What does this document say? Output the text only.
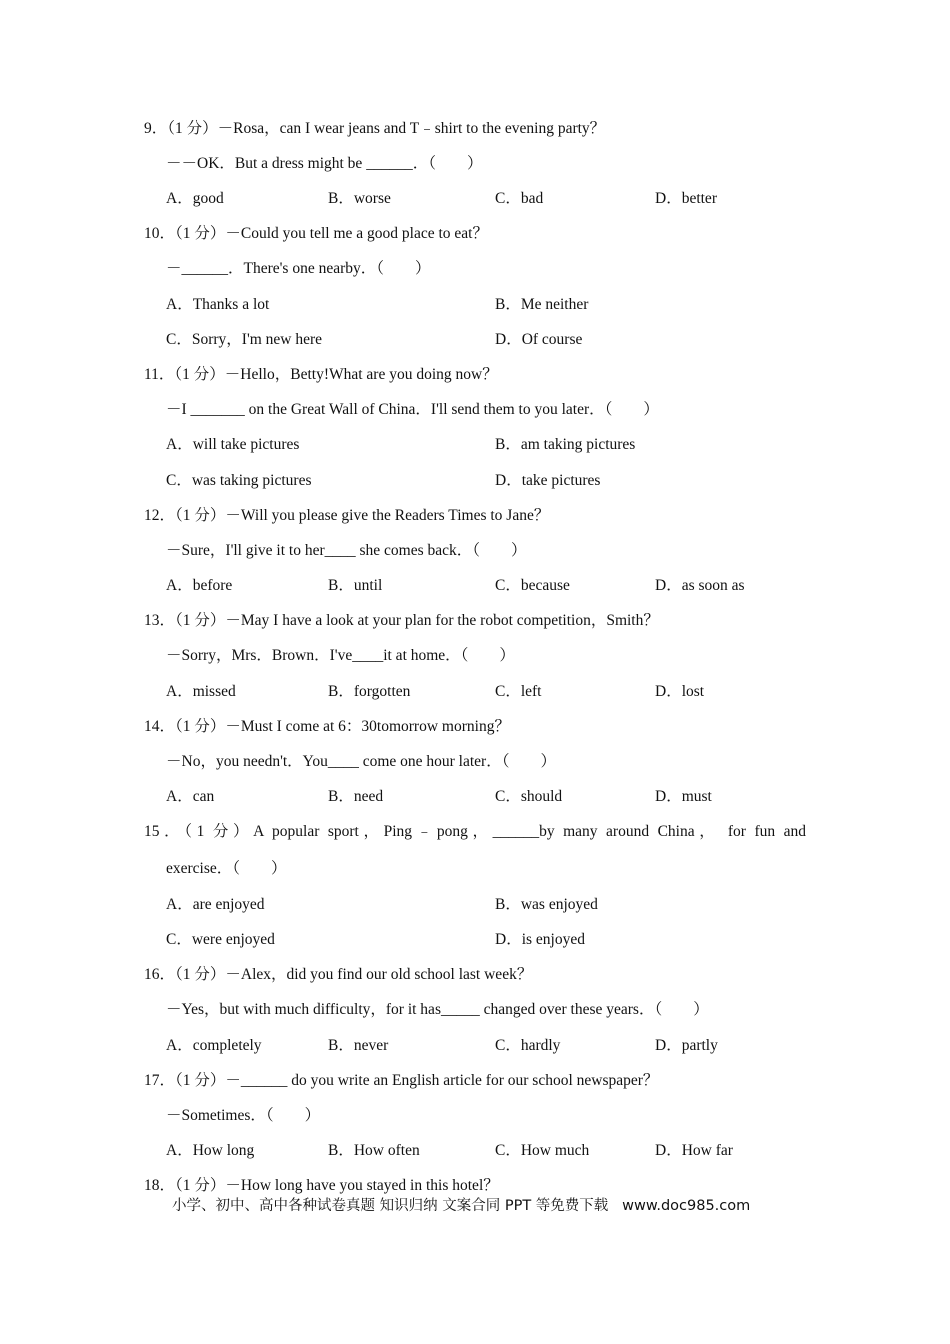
9．（1 分）－Rosa，can I wear jeans and T﹣shirt to the evening party？
－－OK．But a dress might be ______．（　　）
A．good	B．worse	C．bad	D．better
10．（1 分）－Could you tell me a good place to eat？
－______．There's one nearby．（　　）
A．Thanks a lot	B．Me neither
C．Sorry，I'm new here	D．Of course
11．（1 分）－Hello，Betty!What are you doing now？
－I _______ on the Great Wall of China．I'll send them to you later．（　　）
A．will take pictures	B．am taking pictures
C．was taking pictures	D．take pictures
12．（1 分）－Will you please give the Readers Times to Jane？
－Sure，I'll give it to her____ she comes back．（　　）
A．before	B．until	C．because	D．as soon as
13．（1 分）－May I have a look at your plan for the robot competition，Smith？
－Sorry，Mrs．Brown．I've____it at home．（　　）
A．missed	B．forgotten	C．left	D．lost
14．（1 分）－Must I come at 6：30tomorrow morning？
－No，you needn't．You____ come one hour later．（　　）
A．can	B．need	C．should	D．must
15．（1 分）A popular sport，Ping﹣pong，______by many around China， for fun and
exercise．（　　）
A．are enjoyed	B．was enjoyed
C．were enjoyed	D．is enjoyed
16．（1 分）－Alex，did you find our old school last week？
－Yes，but with much difficulty，for it has_____ changed over these years．（　　）
A．completely	B．never	C．hardly	D．partly
17．（1 分）－______ do you write an English article for our school newspaper？
－Sometimes．（　　）
A．How long	B．How often	C．How much	D．How far
18．（1 分）－How long have you stayed in this hotel？
小学、初中、高中各种试卷真题 知识归纳 文案合同 PPT 等免费下载   www.doc985.com
